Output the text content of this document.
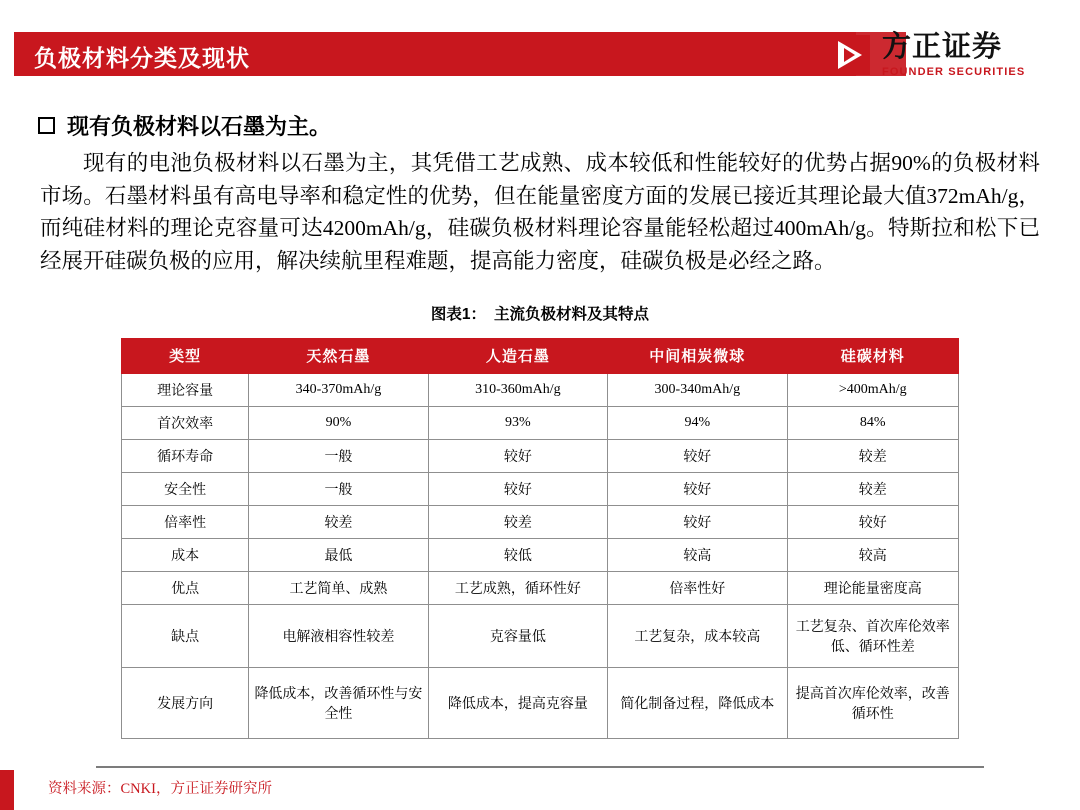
负极材料分类及现状	方正证券
FOUNDER SECURITIES
现有负极材料以石墨为主。

现有的电池负极材料以石墨为主，其凭借工艺成熟、成本较低和性能较好的优势占据90%的负极材料市场。石墨材料虽有高电导率和稳定性的优势，但在能量密度方面的发展已接近其理论最大值372mAh/g，而纯硅材料的理论克容量可达4200mAh/g，硅碳负极材料理论容量能轻松超过400mAh/g。特斯拉和松下已经展开硅碳负极的应用，解决续航里程难题，提高能力密度，硅碳负极是必经之路。

图表1： 主流负极材料及其特点
类型	天然石墨	人造石墨	中间相炭微球	硅碳材料
理论容量	340-370mAh/g	310-360mAh/g	300-340mAh/g	>400mAh/g
首次效率	90%	93%	94%	84%
循环寿命	一般	较好	较好	较差
安全性	一般	较好	较好	较差
倍率性	较差	较差	较好	较好
成本	最低	较低	较高	较高
优点	工艺简单、成熟	工艺成熟，循环性好	倍率性好	理论能量密度高
缺点	电解液相容性较差	克容量低	工艺复杂，成本较高	工艺复杂、首次库伦效率低、循环性差
发展方向	降低成本，改善循环性与安全性	降低成本，提高克容量	简化制备过程，降低成本	提高首次库伦效率，改善循环性
资料来源：CNKI，方正证券研究所
